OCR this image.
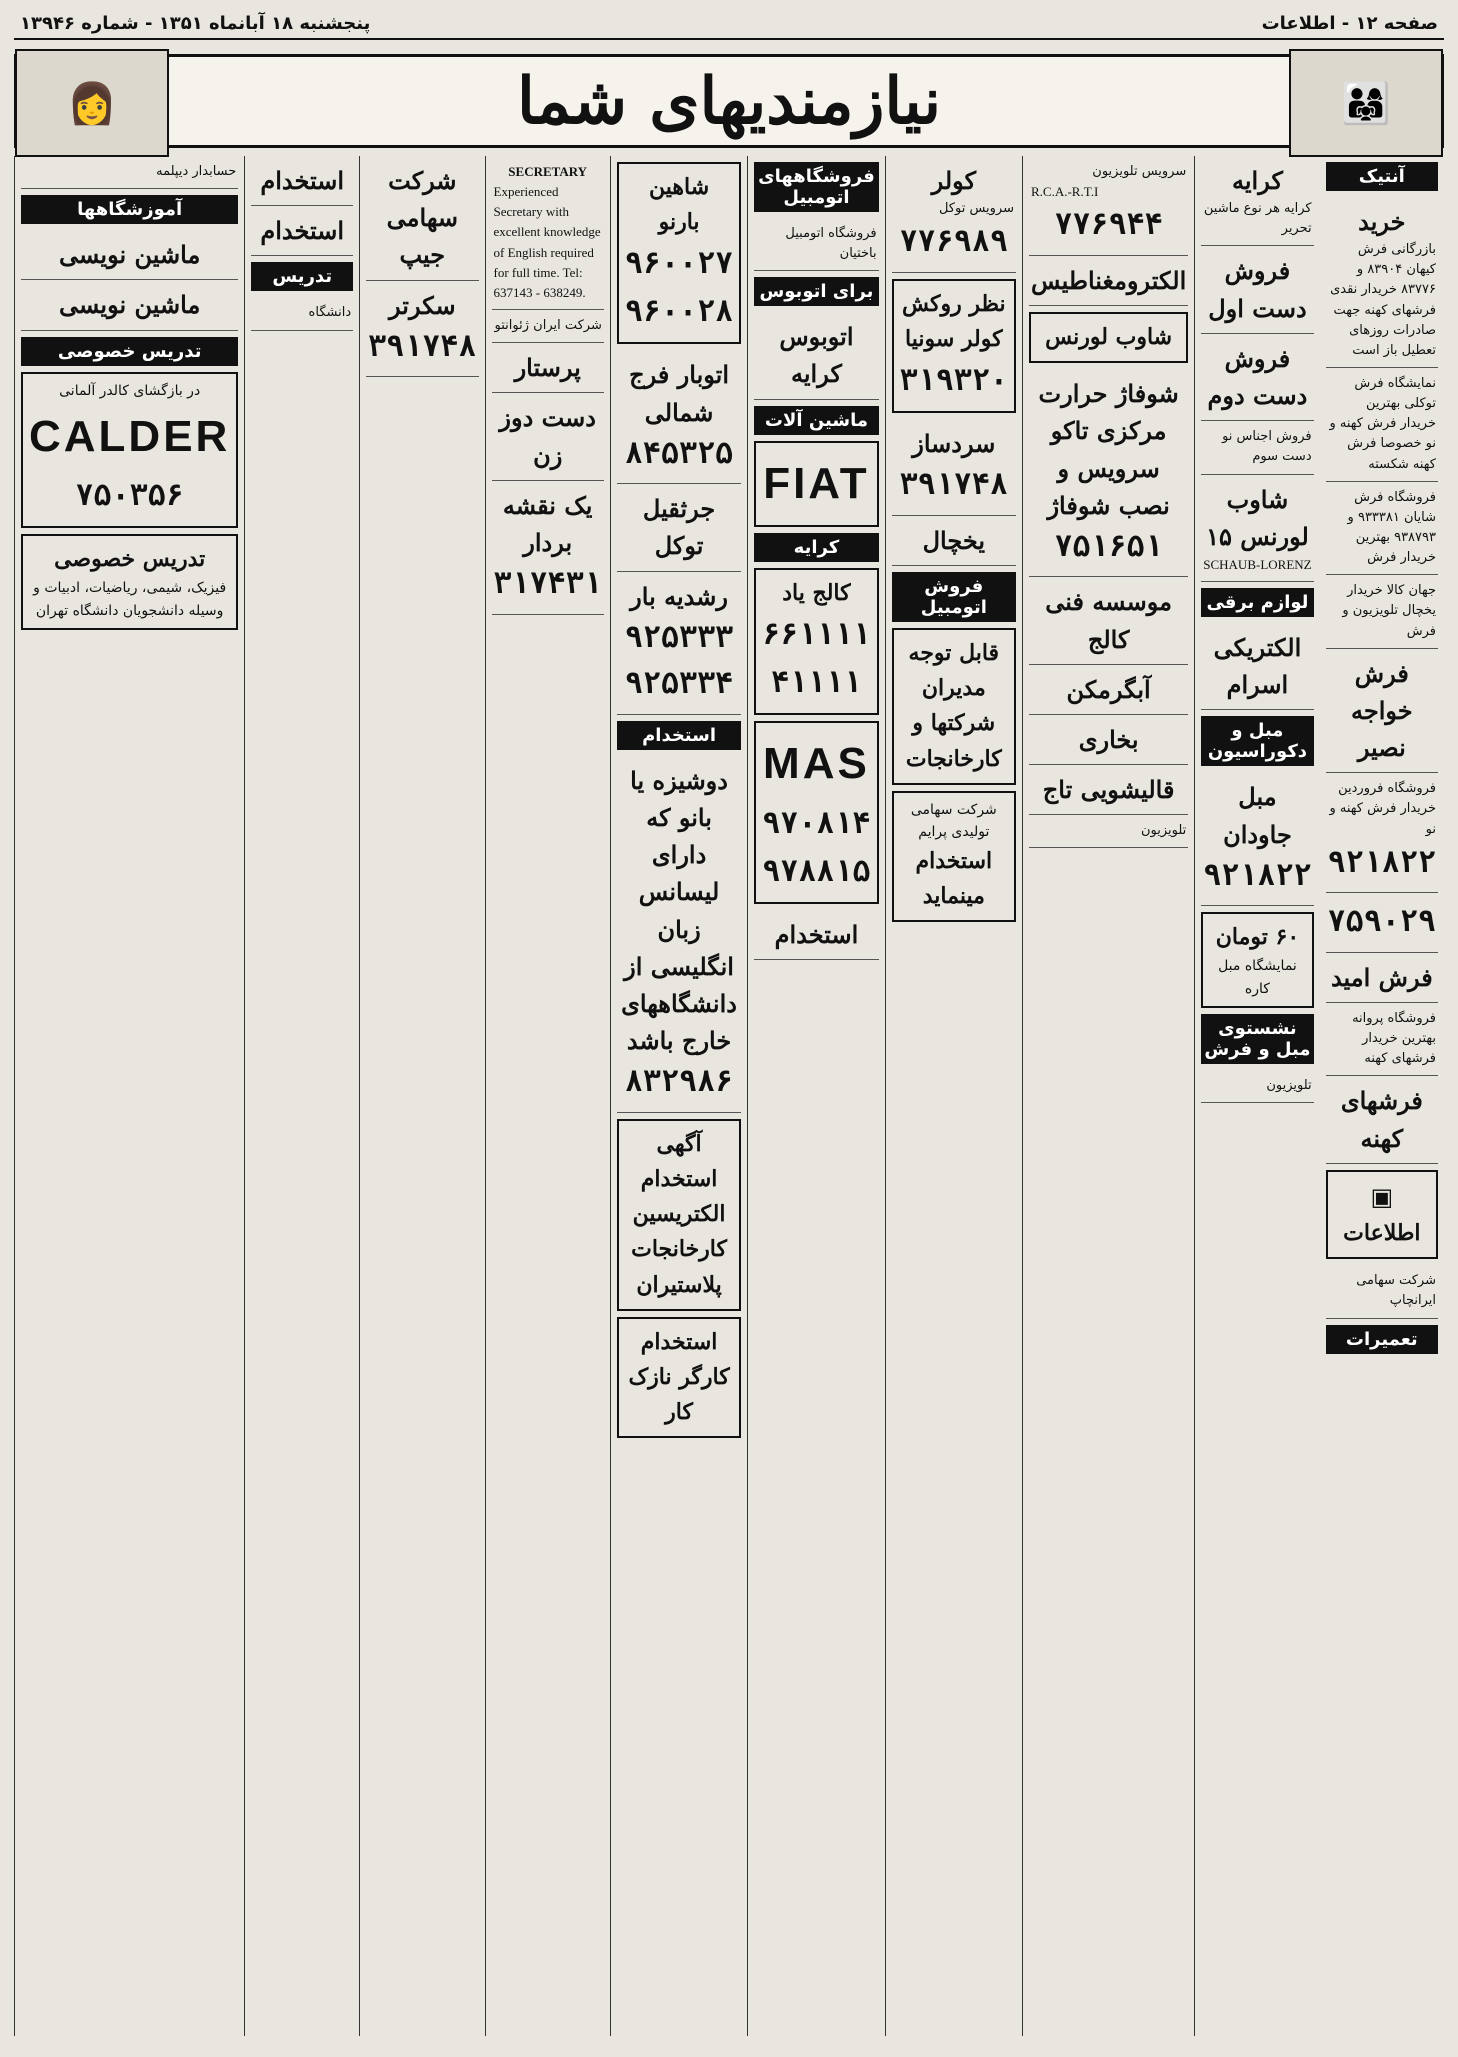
صفحه ۱۲ - اطلاعات
پنجشنبه ۱۸ آبانماه ۱۳۵۱ - شماره ۱۳۹۴۶
👨‍👩‍👧
نیازمندیهای شما
👩
آنتیک
خرید
بازرگانی فرش کیهان ۸۳۹۰۴ و ۸۳۷۷۶ خریدار نقدی فرشهای کهنه جهت صادرات روزهای تعطیل باز است
نمایشگاه فرش توکلی بهترین خریدار فرش کهنه و نو خصوصا فرش کهنه شکسته
فروشگاه فرش شایان ۹۳۳۳۸۱ و ۹۳۸۷۹۳ بهترین خریدار فرش
جهان کالا خریدار یخچال تلویزیون و فرش
فرش خواجه نصیر
فروشگاه فروردین خریدار فرش کهنه و نو
۹۲۱۸۲۲
۷۵۹۰۲۹
فرش امید
فروشگاه پروانه بهترین خریدار فرشهای کهنه
فرشهای کهنه
▣
اطلاعات
شرکت سهامی ایرانچاپ
تعمیرات
کرایه
کرایه هر نوع ماشین تحریر
فروش دست اول
فروش دست دوم
فروش اجناس نو دست سوم
شاوب لورنس ۱۵
SCHAUB-LORENZ
لوازم برقی
الکتریکی اسرام
مبل و دکوراسیون
مبل جاودان
۹۲۱۸۲۲
۶۰ تومان
نمایشگاه مبل کاره
نشستوی مبل و فرش
تلویزیون
سرویس تلویزیون
R.C.A.-R.T.I
۷۷۶۹۴۴
الکترومغناطیس
شاوب لورنس
شوفاژ حرارت مرکزی تاکو سرویس و نصب شوفاژ
۷۵۱۶۵۱
موسسه فنی کالج
آبگرمکن
بخاری
قالیشویی تاج
تلویزیون
کولر
سرویس توکل
۷۷۶۹۸۹
نظر روکش کولر سونیا
۳۱۹۳۲۰
سردساز
۳۹۱۷۴۸
یخچال
فروش اتومبیل
قابل توجه مدیران شرکتها و کارخانجات
شرکت سهامی تولیدی پرایم
استخدام مینماید
فروشگاههای اتومبیل
فروشگاه اتومبیل باختیان
برای اتوبوس
اتوبوس کرایه
ماشین آلات
FIAT
کرایه
کالج یاد
۶۶۱۱۱۱
۴۱۱۱۱
MAS
۹۷۰۸۱۴
۹۷۸۸۱۵
استخدام
شاهین بارنو
۹۶۰۰۲۷
۹۶۰۰۲۸
اتوبار فرج شمالی
۸۴۵۳۲۵
جرثقیل توکل
رشدیه بار
۹۲۵۳۳۳
۹۲۵۳۳۴
استخدام
دوشیزه یا بانو که دارای لیسانس زبان انگلیسی از دانشگاههای خارج باشد
۸۳۲۹۸۶
آگهی استخدام الکتریسین کارخانجات پلاستیران
استخدام کارگر نازک کار
SECRETARY
Experienced Secretary with excellent knowledge of English required for full time. Tel: 637143 - 638249.
شرکت ایران ژئوانتو
پرستار
دست دوز زن
یک نقشه بردار
۳۱۷۴۳۱
شرکت سهامی جیپ
سکرتر
۳۹۱۷۴۸
استخدام
استخدام
تدریس
دانشگاه
حسابدار دیپلمه
آموزشگاهها
ماشین نویسی
ماشین نویسی
تدریس خصوصی
در بازگشای کالدر آلمانی
CALDER
۷۵۰۳۵۶
تدریس خصوصی
فیزیک، شیمی، ریاضیات، ادبیات و وسیله دانشجویان دانشگاه تهران
